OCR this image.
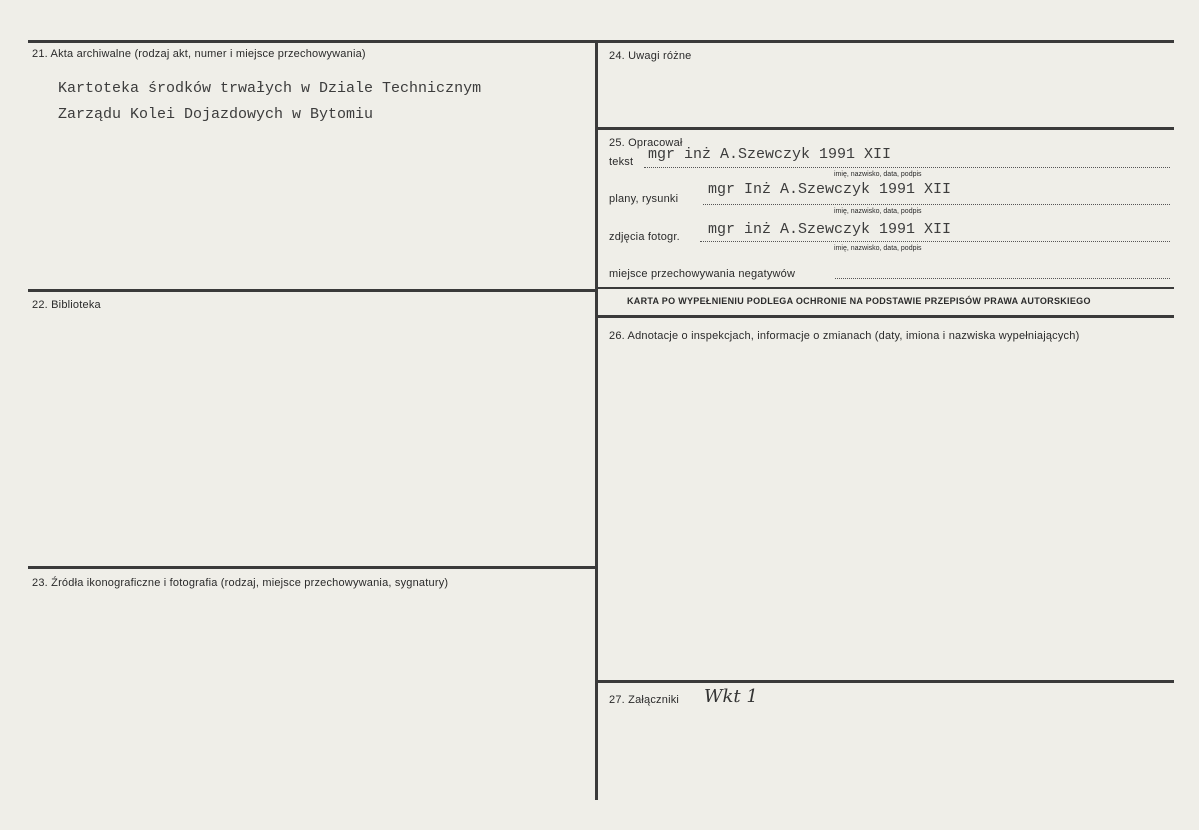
21. Akta archiwalne (rodzaj akt, numer i miejsce przechowywania)
Kartoteka środków trwałych w Dziale Technicznym
Zarządu Kolei Dojazdowych w Bytomiu
22. Biblioteka
23. Źródła ikonograficzne i fotografia (rodzaj, miejsce przechowywania, sygnatury)
24. Uwagi różne
25. Opracował
tekst mgr inż A.Szewczyk 1991 XII
imię, nazwisko, data, podpis
plany, rysunki
mgr Inż A.Szewczyk 1991 XII
imię, nazwisko, data, podpis
zdjęcia fotogr. mgr inż A.Szewczyk 1991 XII
imię, nazwisko, data, podpis
miejsce przechowywania negatywów
KARTA PO WYPEŁNIENIU PODLEGA OCHRONIE NA PODSTAWIE PRZEPISÓW PRAWA AUTORSKIEGO
26. Adnotacje o inspekcjach, informacje o zmianach (daty, imiona i nazwiska wypełniających)
27. Załączniki Wkt 1
